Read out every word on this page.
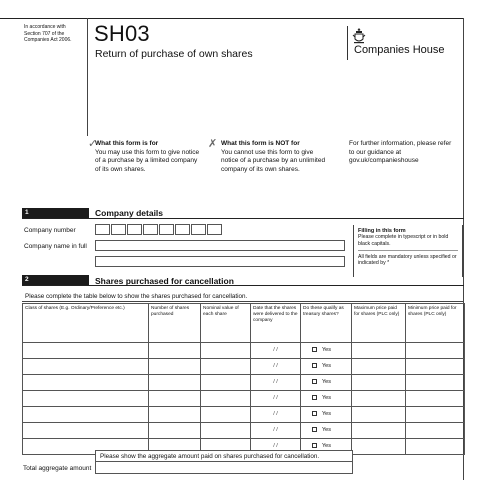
In accordance with Section 707 of the Companies Act 2006.	SH03
Return of purchase of own shares	Companies House
✓
What this form is for
You may use this form to give notice of a purchase by a limited company of its own shares.
✗ What this form is NOT for
You cannot use this form to give notice of a purchase by an unlimited company of its own shares.
For further information, please refer to our guidance at gov.uk/companieshouse
1	Company details
Company number
Company name in full
Filling in this form
Please complete in typescript or in bold black capitals.
All fields are mandatory unless specified or indicated by *
2	Shares purchased for cancellation
Please complete the table below to show the shares purchased for cancellation.
Class of shares (E.g. Ordinary/Preference etc.)	Number of shares purchased	Nominal value of each share	Date that the shares were delivered to the company	Do these qualify as treasury shares?	Maximum price paid for shares (PLC only)	Minimum price paid for shares (PLC only)
			/ /	Yes		
			/ /	Yes		
			/ /	Yes		
			/ /	Yes		
			/ /	Yes		
			/ /	Yes		
			/ /	Yes		
Please show the aggregate amount paid on shares purchased for cancellation.
Total aggregate amount
